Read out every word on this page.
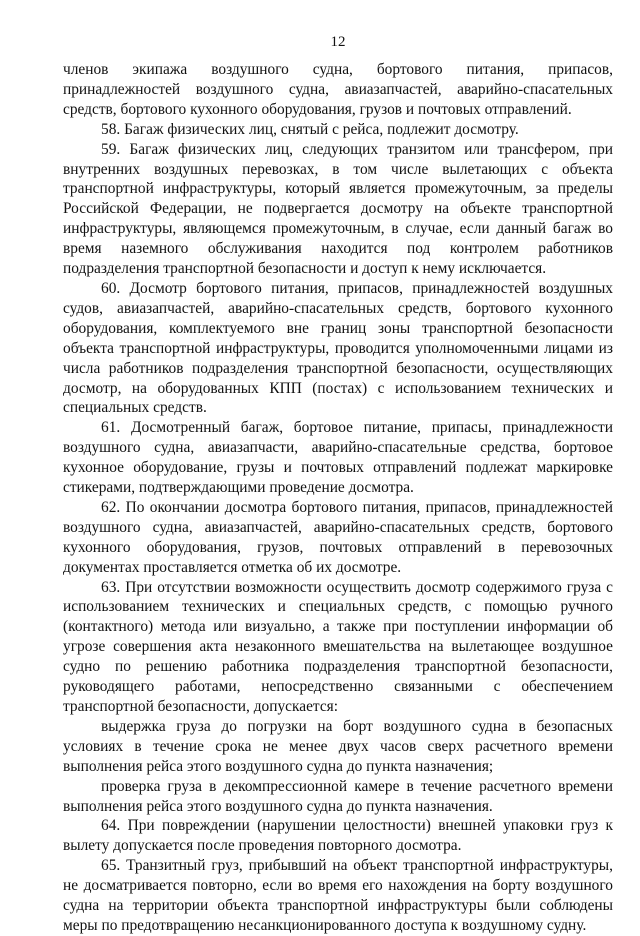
12

членов экипажа воздушного судна, бортового питания, припасов, принадлежностей воздушного судна, авиазапчастей, аварийно-спасательных средств, бортового кухонного оборудования, грузов и почтовых отправлений.

58. Багаж физических лиц, снятый с рейса, подлежит досмотру.

59. Багаж физических лиц, следующих транзитом или трансфером, при внутренних воздушных перевозках, в том числе вылетающих с объекта транспортной инфраструктуры, который является промежуточным, за пределы Российской Федерации, не подвергается досмотру на объекте транспортной инфраструктуры, являющемся промежуточным, в случае, если данный багаж во время наземного обслуживания находится под контролем работников подразделения транспортной безопасности и доступ к нему исключается.

60. Досмотр бортового питания, припасов, принадлежностей воздушных судов, авиазапчастей, аварийно-спасательных средств, бортового кухонного оборудования, комплектуемого вне границ зоны транспортной безопасности объекта транспортной инфраструктуры, проводится уполномоченными лицами из числа работников подразделения транспортной безопасности, осуществляющих досмотр, на оборудованных КПП (постах) с использованием технических и специальных средств.

61. Досмотренный багаж, бортовое питание, припасы, принадлежности воздушного судна, авиазапчасти, аварийно-спасательные средства, бортовое кухонное оборудование, грузы и почтовых отправлений подлежат маркировке стикерами, подтверждающими проведение досмотра.

62. По окончании досмотра бортового питания, припасов, принадлежностей воздушного судна, авиазапчастей, аварийно-спасательных средств, бортового кухонного оборудования, грузов, почтовых отправлений в перевозочных документах проставляется отметка об их досмотре.

63. При отсутствии возможности осуществить досмотр содержимого груза с использованием технических и специальных средств, с помощью ручного (контактного) метода или визуально, а также при поступлении информации об угрозе совершения акта незаконного вмешательства на вылетающее воздушное судно по решению работника подразделения транспортной безопасности, руководящего работами, непосредственно связанными с обеспечением транспортной безопасности, допускается:

выдержка груза до погрузки на борт воздушного судна в безопасных условиях в течение срока не менее двух часов сверх расчетного времени выполнения рейса этого воздушного судна до пункта назначения;

проверка груза в декомпрессионной камере в течение расчетного времени выполнения рейса этого воздушного судна до пункта назначения.

64. При повреждении (нарушении целостности) внешней упаковки груз к вылету допускается после проведения повторного досмотра.

65. Транзитный груз, прибывший на объект транспортной инфраструктуры, не досматривается повторно, если во время его нахождения на борту воздушного судна на территории объекта транспортной инфраструктуры были соблюдены меры по предотвращению несанкционированного доступа к воздушному судну.
